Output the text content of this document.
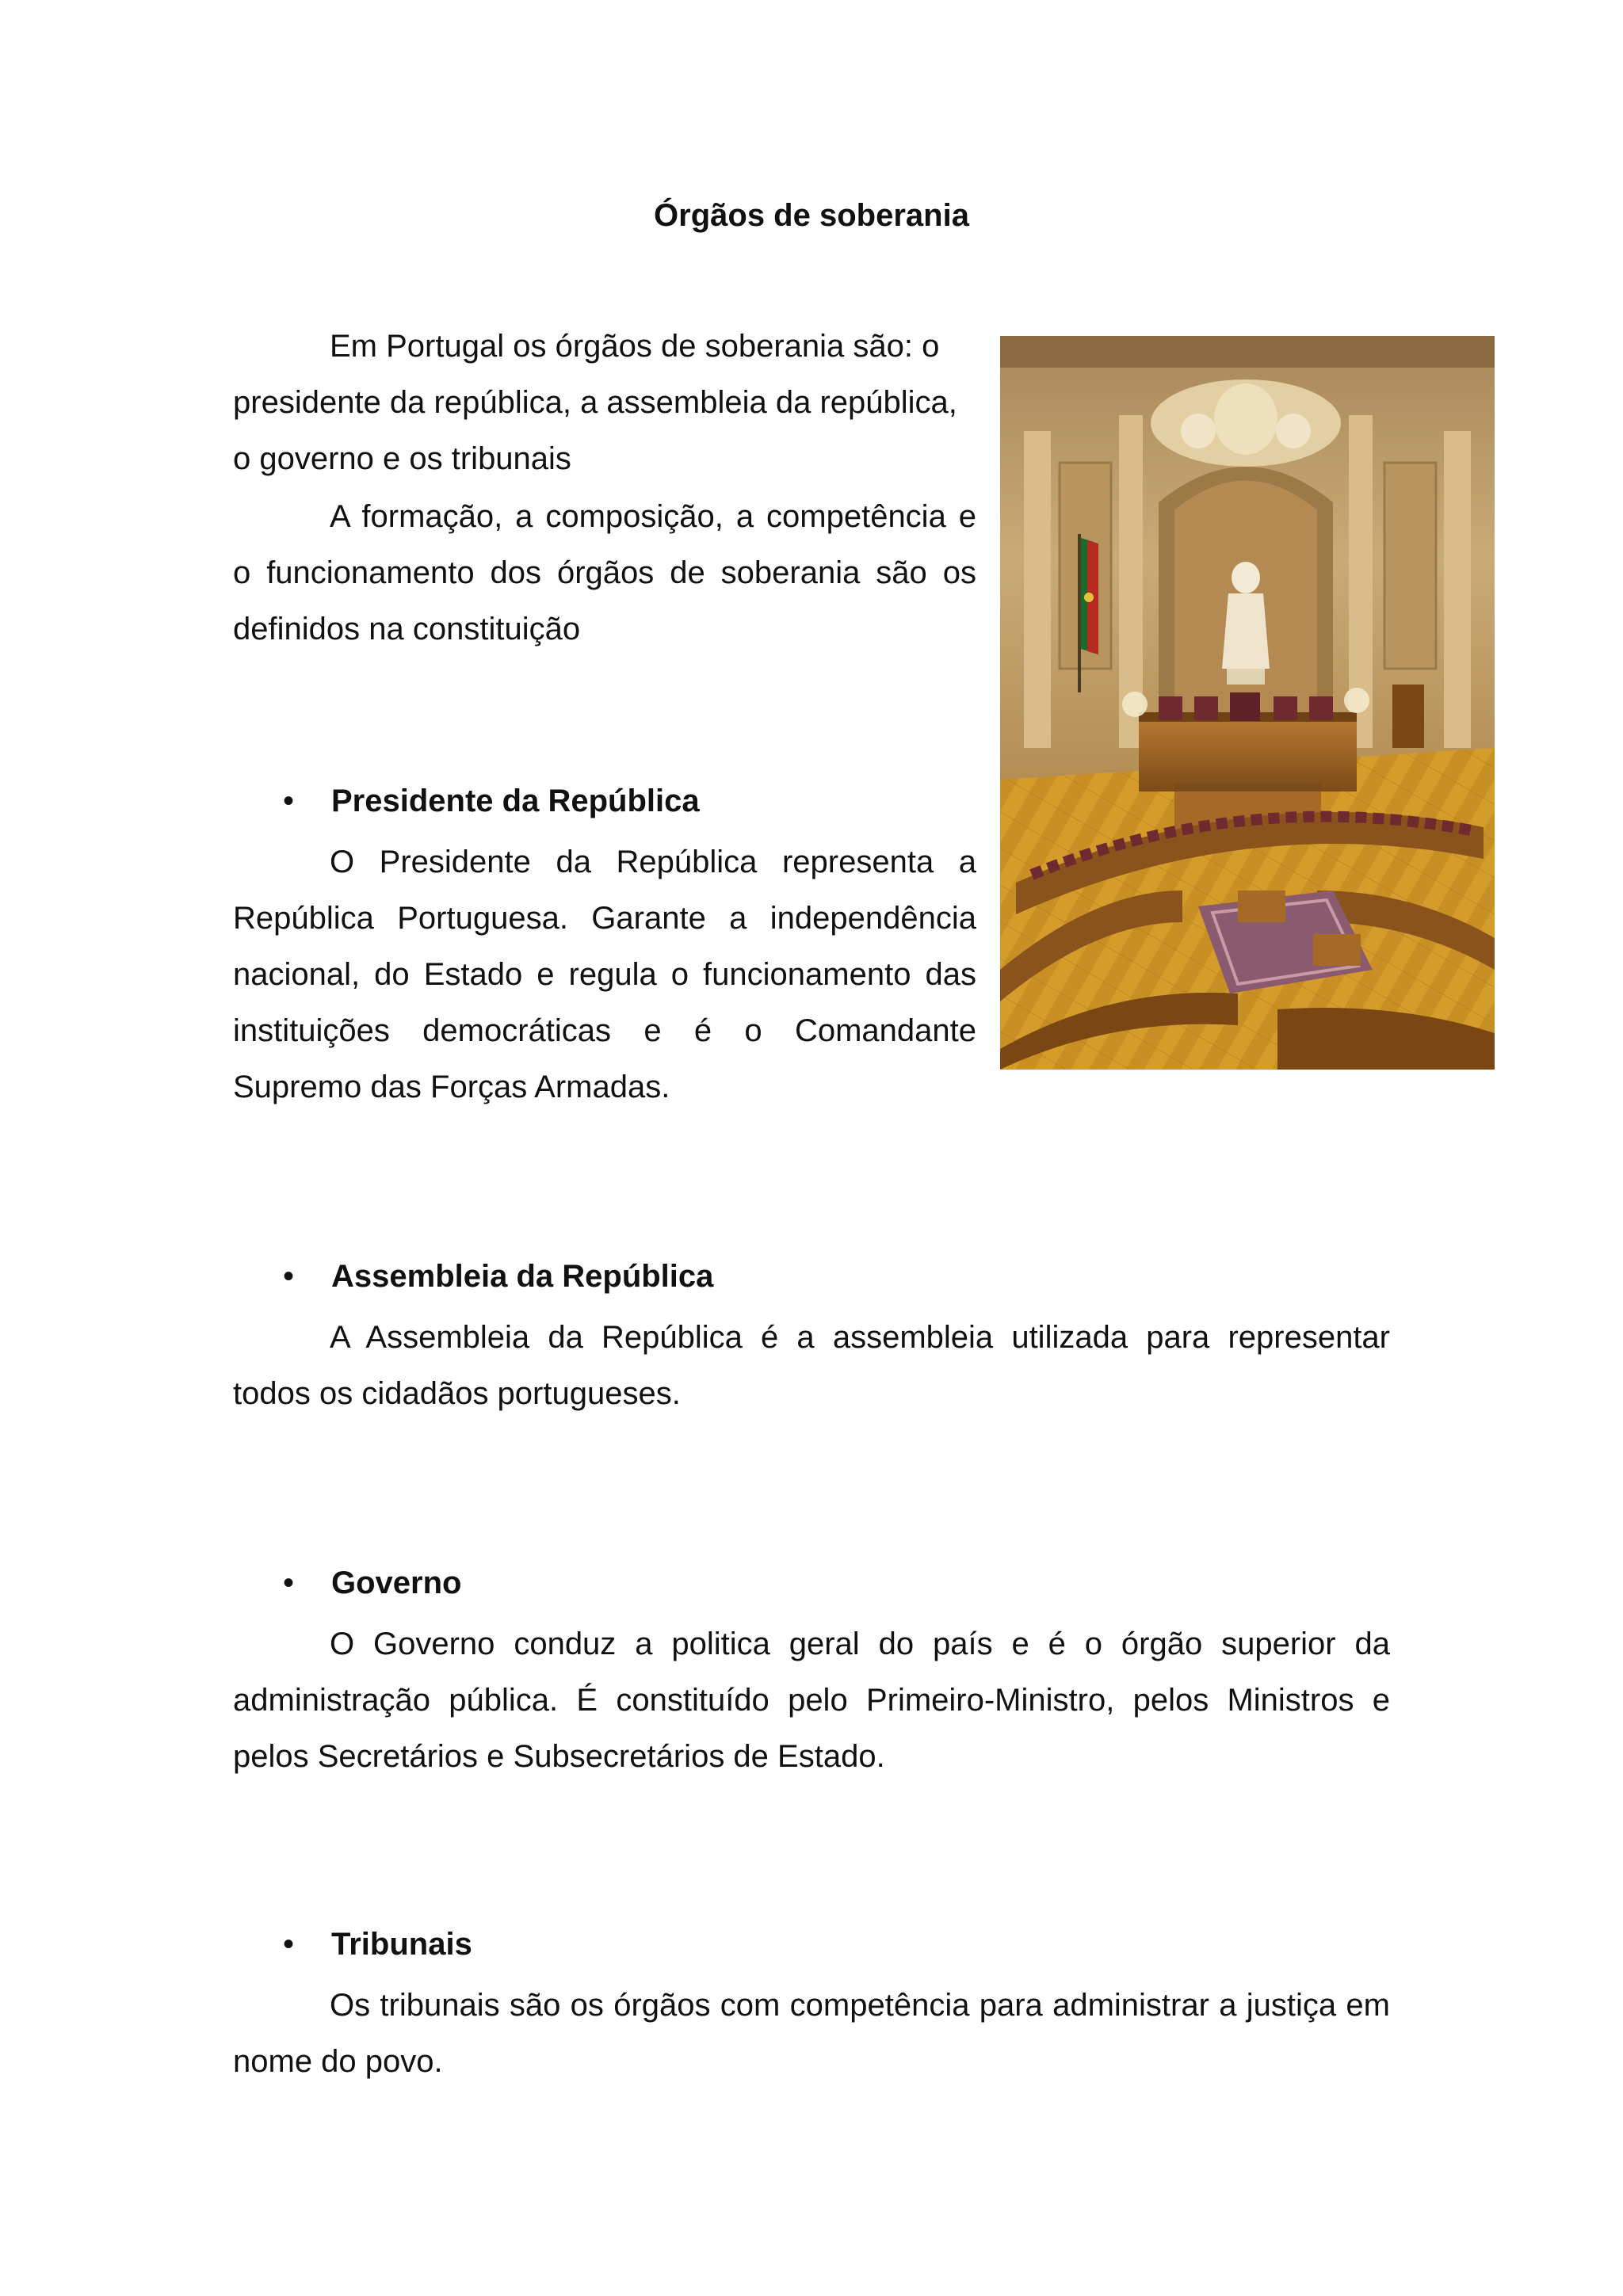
Órgãos de soberania

Em Portugal os órgãos de soberania são: o presidente da república, a assembleia da república, o governo e os tribunais

A formação, a composição, a competência e o funcionamento dos órgãos de soberania são os definidos na constituição

• Presidente da República

O Presidente da República representa a República Portuguesa. Garante a independência nacional, do Estado e regula o funcionamento das instituições democráticas e é o Comandante Supremo das Forças Armadas.

• Assembleia da República

A Assembleia da República é a assembleia utilizada para representar todos os cidadãos portugueses.

• Governo

O Governo conduz a politica geral do país e é o órgão superior da administração pública. É constituído pelo Primeiro-Ministro, pelos Ministros e pelos Secretários e Subsecretários de Estado.

• Tribunais

Os tribunais são os órgãos com competência para administrar a justiça em nome do povo.
